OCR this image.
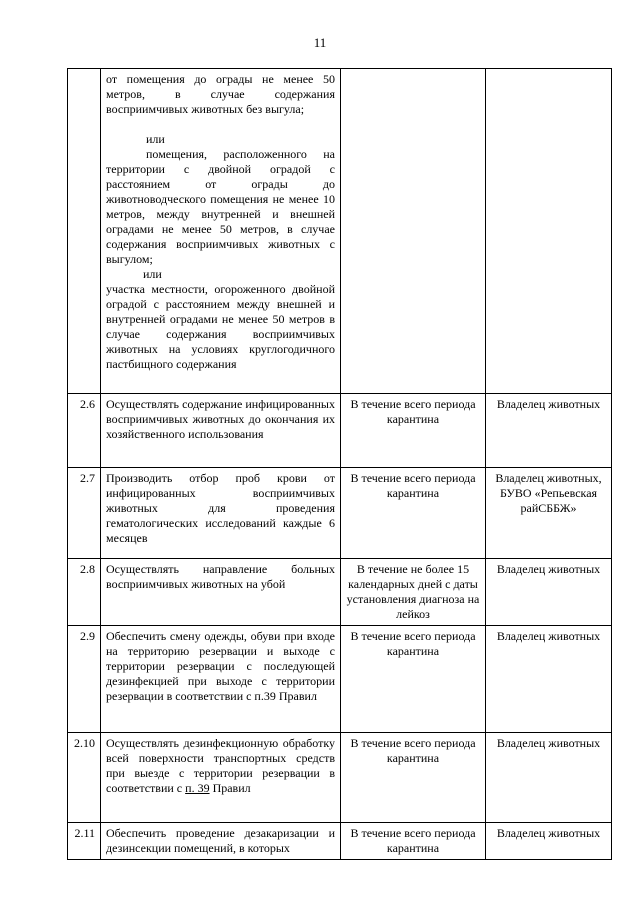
11

	от помещения до ограды не менее 50 метров, в случае содержания восприимчивых животных без выгула;
или
помещения, расположенного на территории с двойной оградой с расстоянием от ограды до животноводческого помещения не менее 10 метров, между внутренней и внешней оградами не менее 50 метров, в случае содержания восприимчивых животных с выгулом;
или
участка местности, огороженного двойной оградой с расстоянием между внешней и внутренней оградами не менее 50 метров в случае содержания восприимчивых животных на условиях круглогодичного пастбищного содержания		

2.6	Осуществлять содержание инфицированных восприимчивых животных до окончания их хозяйственного использования	В течение всего периода карантина	Владелец животных
2.7	Производить отбор проб крови от инфицированных восприимчивых животных для проведения гематологических исследований каждые 6 месяцев	В течение всего периода карантина	Владелец животных, БУВО «Репьевская райСББЖ»
2.8	Осуществлять направление больных восприимчивых животных на убой	В течение не более 15 календарных дней с даты установления диагноза на лейкоз	Владелец животных
2.9	Обеспечить смену одежды, обуви при входе на территорию резервации и выходе с территории резервации с последующей дезинфекцией при выходе с территории резервации в соответствии с п.39 Правил	В течение всего периода карантина	Владелец животных
2.10	Осуществлять дезинфекционную обработку всей поверхности транспортных средств при выезде с территории резервации в соответствии с п. 39 Правил	В течение всего периода карантина	Владелец животных
2.11	Обеспечить проведение дезакаризации и дезинсекции помещений, в которых	В течение всего периода карантина	Владелец животных
